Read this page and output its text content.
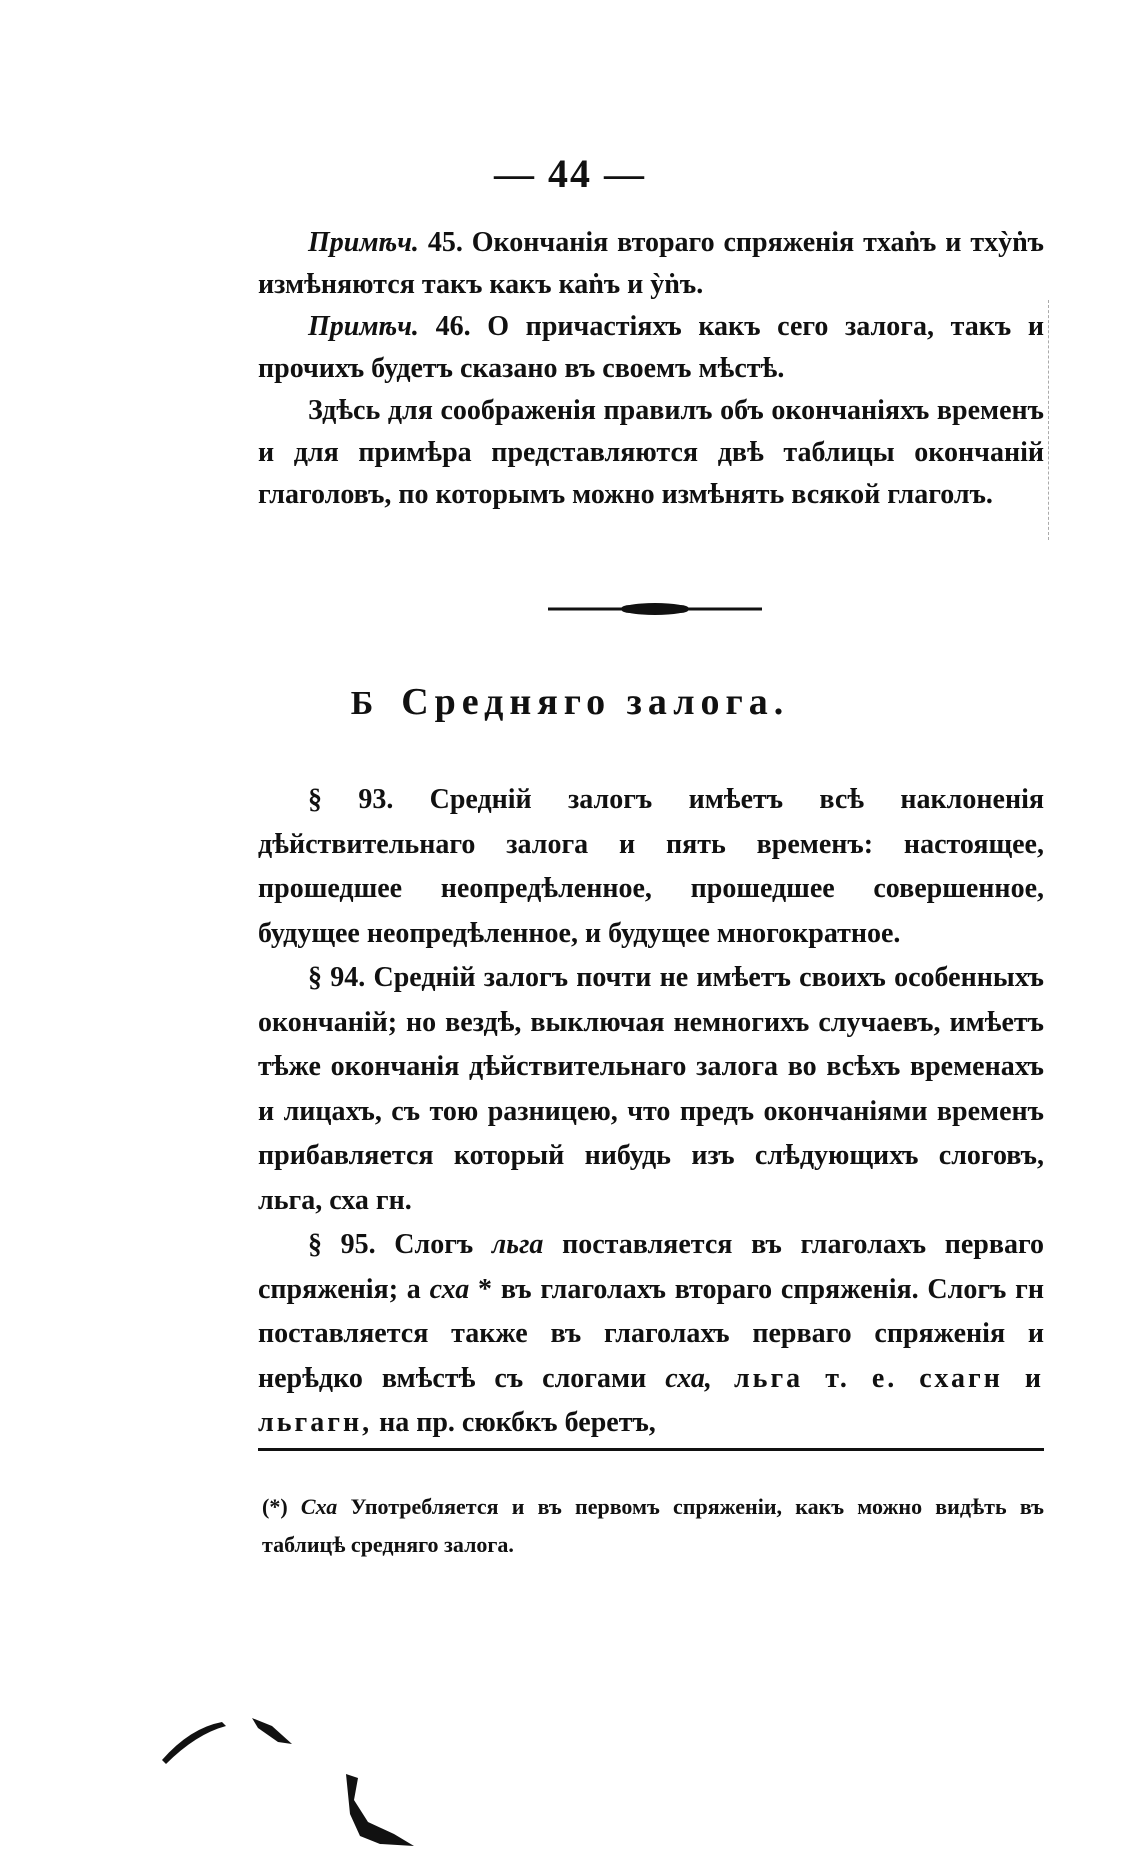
— 44 —

Примѣч. 45. Окончанія втораго спряженія тхаṅъ и тхỳṅъ измѣняются такъ какъ каṅъ и ỳṅъ.

Примѣч. 46. О причастіяхъ какъ сего залога, такъ и прочихъ будетъ сказано въ своемъ мѣстѣ.

Здѣсь для соображенія правилъ объ окончаніяхъ временъ и для примѣра представляются двѣ таблицы окончаній глаголовъ, по которымъ можно измѣнять всякой глаголъ.

Б Средняго залога.

§ 93. Средній залогъ имѣетъ всѣ наклоненія дѣйствительнаго залога и пять временъ: настоящее, прошедшее неопредѣленное, прошедшее совершенное, будущее неопредѣленное, и будущее многократное.

§ 94. Средній залогъ почти не имѣетъ своихъ особенныхъ окончаній; но вездѣ, выключая немногихъ случаевъ, имѣетъ тѣже окончанія дѣйствительнаго залога во всѣхъ временахъ и лицахъ, съ тою разницею, что предъ окончаніями временъ прибавляется который нибудь изъ слѣдующихъ слоговъ, льга, сха гн.

§ 95. Слогъ льга поставляется въ глаголахъ перваго спряженія; а сха * въ глаголахъ втораго спряженія. Слогъ гн поставляется также въ глаголахъ перваго спряженія и нерѣдко вмѣстѣ съ слогами сха, льга т. е. схагн и льгагн, на пр. сюкбкъ беретъ,

(*) Сха Употребляется и въ первомъ спряженіи, какъ можно видѣть въ таблицѣ средняго залога.
